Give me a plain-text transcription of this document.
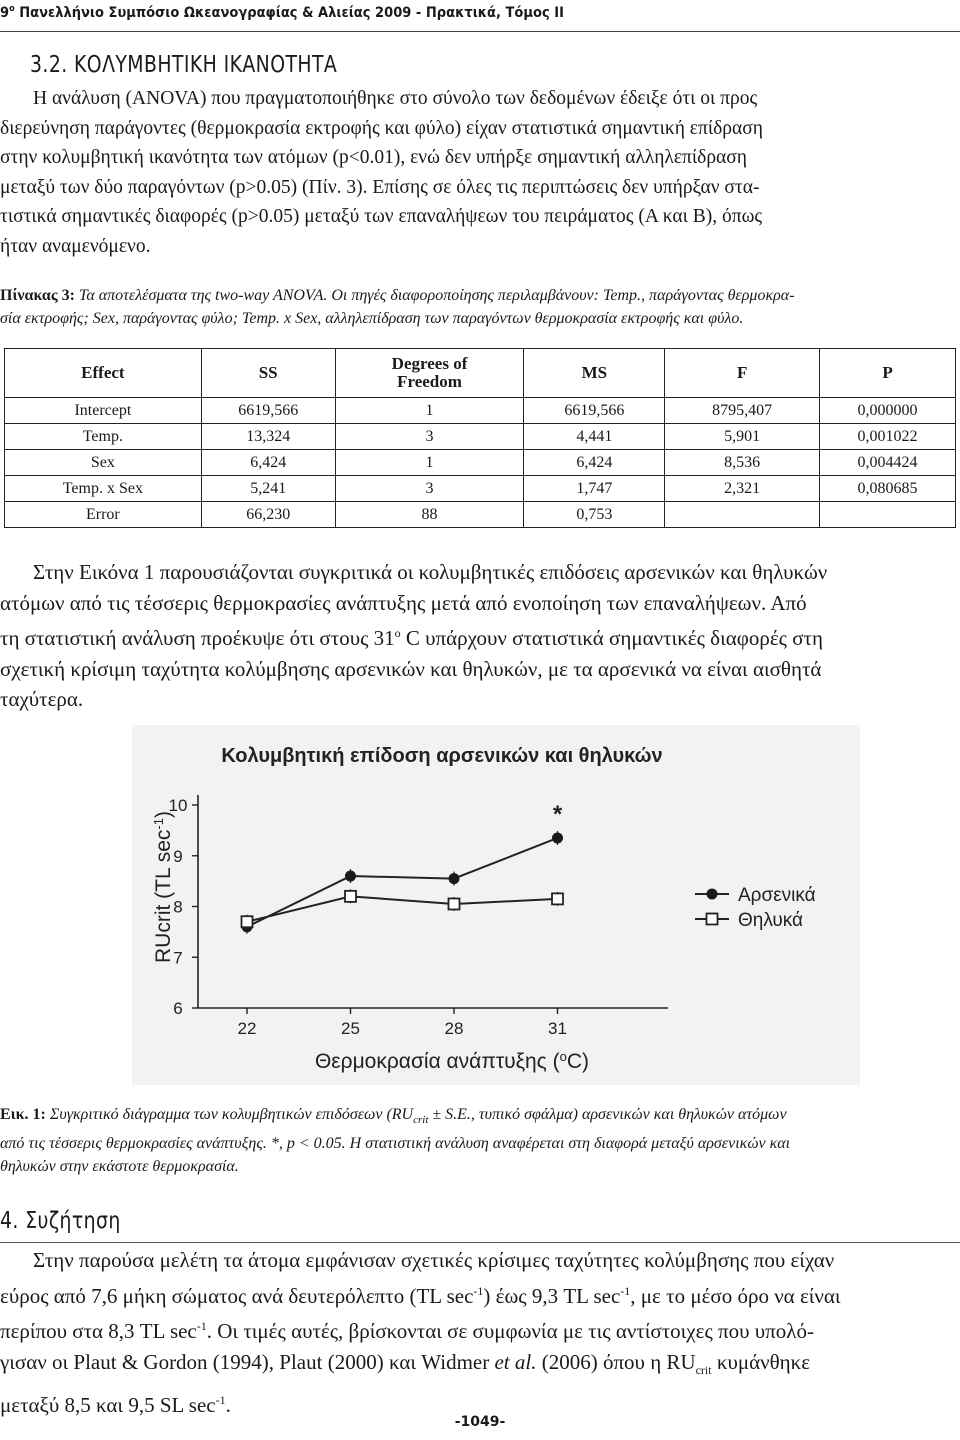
$9^o$ Πανελλήνιο Συμπόσιο Ωκεανογραφίας & Αλιείας 2009 - Πρακτικά, Τόμος ΙΙ
3.2. ΚΟΛΥΜΒΗΤΙΚΗ ΙΚΑΝΟΤΗΤΑ
Η ανάλυση (ANOVA) που πραγματοποιήθηκε στο σύνολο των δεδομένων έδειξε ότι οι προς
διερεύνηση παράγοντες (θερμοκρασία εκτροφής και φύλο) είχαν στατιστικά σημαντική επίδραση
στην κολυμβητική ικανότητα των ατόμων (p<0.01), ενώ δεν υπήρξε σημαντική αλληλεπίδραση
μεταξύ των δύο παραγόντων (p>0.05) (Πίν. 3). Επίσης σε όλες τις περιπτώσεις δεν υπήρξαν στα-
τιστικά σημαντικές διαφορές (p>0.05) μεταξύ των επαναλήψεων του πειράματος (Α και Β), όπως
ήταν αναμενόμενο.
Πίνακας 3: Τα αποτελέσματα της two-way ANOVA. Οι πηγές διαφοροποίησης περιλαμβάνουν: Temp., παράγοντας θερμοκρα-
σία εκτροφής; Sex, παράγοντας φύλο; Temp. x Sex, αλληλεπίδραση των παραγόντων θερμοκρασία εκτροφής και φύλο.
Effect	SS	Degrees of
Freedom	MS	F	P
Intercept	6619,566	1	6619,566	8795,407	0,000000
Temp.	13,324	3	4,441	5,901	0,001022
Sex	6,424	1	6,424	8,536	0,004424
Temp. x Sex	5,241	3	1,747	2,321	0,080685
Error	66,230	88	0,753		
Στην Εικόνα 1 παρουσιάζονται συγκριτικά οι κολυμβητικές επιδόσεις αρσενικών και θηλυκών
ατόμων από τις τέσσερις θερμοκρασίες ανάπτυξης μετά από ενοποίηση των επαναλήψεων. Από
τη στατιστική ανάλυση προέκυψε ότι στους $31^o$ C υπάρχουν στατιστικά σημαντικές διαφορές στη
σχετική κρίσιμη ταχύτητα κολύμβησης αρσενικών και θηλυκών, με τα αρσενικά να είναι αισθητά
ταχύτερα.
Κολυμβητική επίδοση αρσενικών και θηλυκών
6
7
8
9
10
22	25	28	31
*
RUcrit (TL $\sec^{-1}$)
Θερμοκρασία ανάπτυξης ($^o$C)
Αρσενικά
Θηλυκά
Εικ. 1: Συγκριτικό διάγραμμα των κολυμβητικών επιδόσεων ($RU_{crit} \pm S.E$., τυπικό σφάλμα) αρσενικών και θηλυκών ατόμων
από τις τέσσερις θερμοκρασίες ανάπτυξης. *, p < 0.05. Η στατιστική ανάλυση αναφέρεται στη διαφορά μεταξύ αρσενικών και
θηλυκών στην εκάστοτε θερμοκρασία.
4. Συζήτηση
Στην παρούσα μελέτη τα άτομα εμφάνισαν σχετικές κρίσιμες ταχύτητες κολύμβησης που είχαν
εύρος από 7,6 μήκη σώματος ανά δευτερόλεπτο (TL $\sec^{-1}$) έως 9,3 TL $\sec^{-1}$, με το μέσο όρο να είναι
περίπου στα 8,3 TL $\sec^{-1}$. Οι τιμές αυτές, βρίσκονται σε συμφωνία με τις αντίστοιχες που υπολό-
γισαν οι Plaut & Gordon (1994), Plaut (2000) και Widmer et al. (2006) όπου η $RU_{crit}$ κυμάνθηκε
μεταξύ 8,5 και 9,5 SL $\sec^{-1}$.
-1049-
